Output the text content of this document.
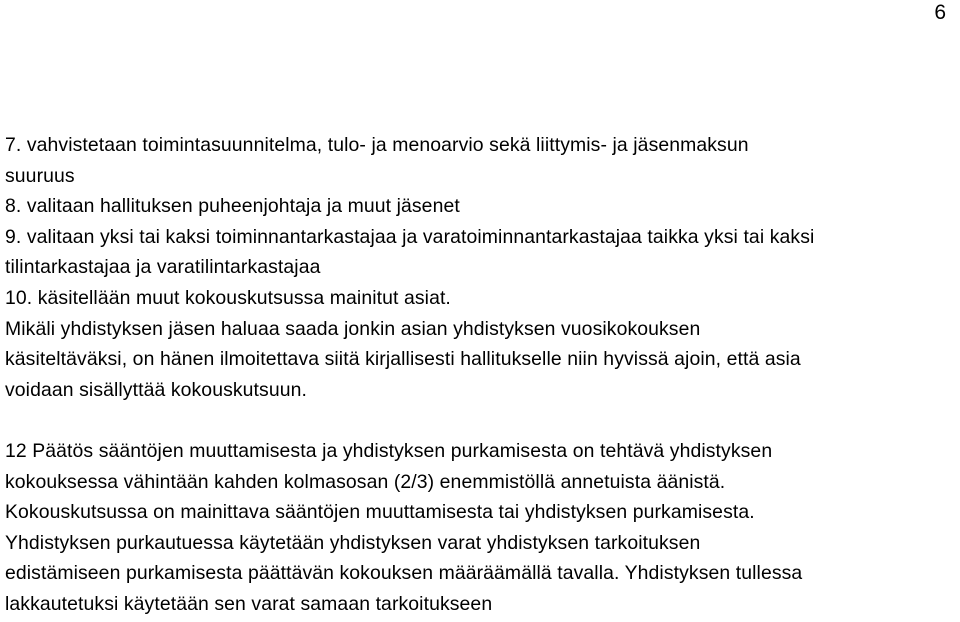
6
7. vahvistetaan toimintasuunnitelma, tulo- ja menoarvio sekä liittymis- ja jäsenmaksun
suuruus
8. valitaan hallituksen puheenjohtaja ja muut jäsenet
9. valitaan yksi tai kaksi toiminnantarkastajaa ja varatoiminnantarkastajaa taikka yksi tai kaksi
tilintarkastajaa ja varatilintarkastajaa
10. käsitellään muut kokouskutsussa mainitut asiat.
Mikäli yhdistyksen jäsen haluaa saada jonkin asian yhdistyksen vuosikokouksen
käsiteltäväksi, on hänen ilmoitettava siitä kirjallisesti hallitukselle niin hyvissä ajoin, että asia
voidaan sisällyttää kokouskutsuun.
12 Päätös sääntöjen muuttamisesta ja yhdistyksen purkamisesta on tehtävä yhdistyksen
kokouksessa vähintään kahden kolmasosan (2/3) enemmistöllä annetuista äänistä.
Kokouskutsussa on mainittava sääntöjen muuttamisesta tai yhdistyksen purkamisesta.
Yhdistyksen purkautuessa käytetään yhdistyksen varat yhdistyksen tarkoituksen
edistämiseen purkamisesta päättävän kokouksen määräämällä tavalla. Yhdistyksen tullessa
lakkautetuksi käytetään sen varat samaan tarkoitukseen
